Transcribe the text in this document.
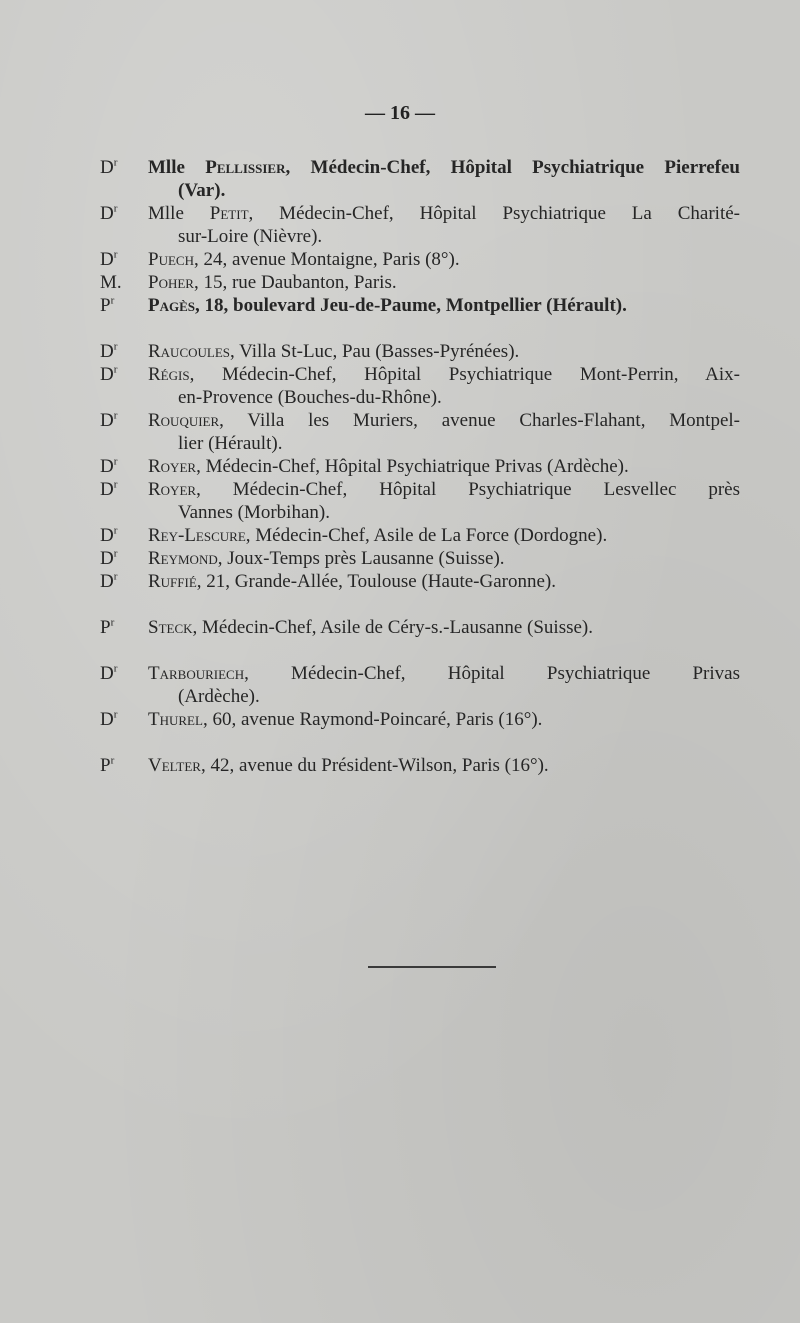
— 16 —
$D^r$ Mlle Pellissier, Médecin-Chef, Hôpital Psychiatrique Pierrefeu
(Var).
$D^r$ Mlle Petit, Médecin-Chef, Hôpital Psychiatrique La Charité-
sur-Loire (Nièvre).
$D^r$ Puech, 24, avenue Montaigne, Paris (8°).
M. Poher, 15, rue Daubanton, Paris.
$P^r$ Pagès, 18, boulevard Jeu-de-Paume, Montpellier (Hérault).
$D^r$ Raucoules, Villa St-Luc, Pau (Basses-Pyrénées).
$D^r$ Régis, Médecin-Chef, Hôpital Psychiatrique Mont-Perrin, Aix-
en-Provence (Bouches-du-Rhône).
$D^r$ Rouquier, Villa les Muriers, avenue Charles-Flahant, Montpel-
lier (Hérault).
$D^r$ Royer, Médecin-Chef, Hôpital Psychiatrique Privas (Ardèche).
$D^r$ Royer, Médecin-Chef, Hôpital Psychiatrique Lesvellec près
Vannes (Morbihan).
$D^r$ Rey-Lescure, Médecin-Chef, Asile de La Force (Dordogne).
$D^r$ Reymond, Joux-Temps près Lausanne (Suisse).
$D^r$ Ruffié, 21, Grande-Allée, Toulouse (Haute-Garonne).
$P^r$ Steck, Médecin-Chef, Asile de Céry-s.-Lausanne (Suisse).
$D^r$ Tarbouriech, Médecin-Chef, Hôpital Psychiatrique Privas
(Ardèche).
$D^r$ Thurel, 60, avenue Raymond-Poincaré, Paris (16°).
$P^r$ Velter, 42, avenue du Président-Wilson, Paris (16°).
